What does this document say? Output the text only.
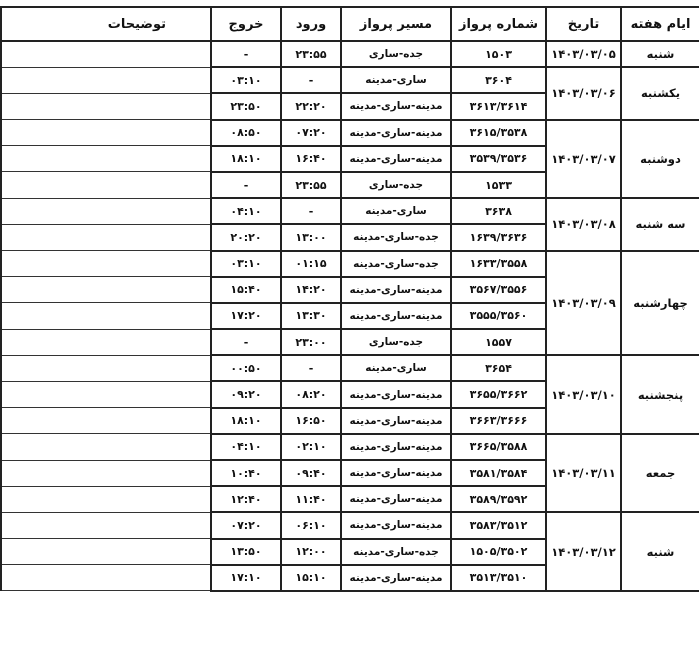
ایام هفته	تاریخ	شماره پرواز	مسیر پرواز	ورود	خروج	توضیحات
شنبه	۱۴۰۳/۰۳/۰۵	۱۵۰۳	جده-ساری	۲۳:۵۵	-	
یکشنبه	۱۴۰۳/۰۳/۰۶	۳۶۰۴	ساری-مدینه	-	۰۳:۱۰	
		۳۶۱۳/۳۶۱۴	مدینه-ساری-مدینه	۲۲:۲۰	۲۳:۵۰	
دوشنبه	۱۴۰۳/۰۳/۰۷	۳۶۱۵/۳۵۳۸	مدینه-ساری-مدینه	۰۷:۲۰	۰۸:۵۰	
		۳۵۳۹/۳۵۳۶	مدینه-ساری-مدینه	۱۶:۴۰	۱۸:۱۰	
		۱۵۳۳	جده-ساری	۲۳:۵۵	-	
سه شنبه	۱۴۰۳/۰۳/۰۸	۳۶۳۸	ساری-مدینه	-	۰۴:۱۰	
		۱۶۳۹/۳۶۳۶	جده-ساری-مدینه	۱۳:۰۰	۲۰:۲۰	
چهارشنبه	۱۴۰۳/۰۳/۰۹	۱۶۳۳/۳۵۵۸	جده-ساری-مدینه	۰۱:۱۵	۰۳:۱۰	
		۳۵۶۷/۳۵۵۶	مدینه-ساری-مدینه	۱۴:۲۰	۱۵:۴۰	
		۳۵۵۵/۳۵۶۰	مدینه-ساری-مدینه	۱۳:۳۰	۱۷:۲۰	
		۱۵۵۷	جده-ساری	۲۳:۰۰	-	
پنجشنبه	۱۴۰۳/۰۳/۱۰	۳۶۵۴	ساری-مدینه	-	۰۰:۵۰	
		۳۶۵۵/۳۶۶۲	مدینه-ساری-مدینه	۰۸:۲۰	۰۹:۲۰	
		۳۶۶۳/۳۶۶۶	مدینه-ساری-مدینه	۱۶:۵۰	۱۸:۱۰	
جمعه	۱۴۰۳/۰۳/۱۱	۳۶۶۵/۳۵۸۸	مدینه-ساری-مدینه	۰۲:۱۰	۰۴:۱۰	
		۳۵۸۱/۳۵۸۴	مدینه-ساری-مدینه	۰۹:۴۰	۱۰:۴۰	
		۳۵۸۹/۳۵۹۲	مدینه-ساری-مدینه	۱۱:۴۰	۱۲:۴۰	
شنبه	۱۴۰۳/۰۳/۱۲	۳۵۸۳/۳۵۱۲	مدینه-ساری-مدینه	۰۶:۱۰	۰۷:۲۰	
		۱۵۰۵/۳۵۰۲	جده-ساری-مدینه	۱۲:۰۰	۱۳:۵۰	
		۳۵۱۳/۳۵۱۰	مدینه-ساری-مدینه	۱۵:۱۰	۱۷:۱۰	
